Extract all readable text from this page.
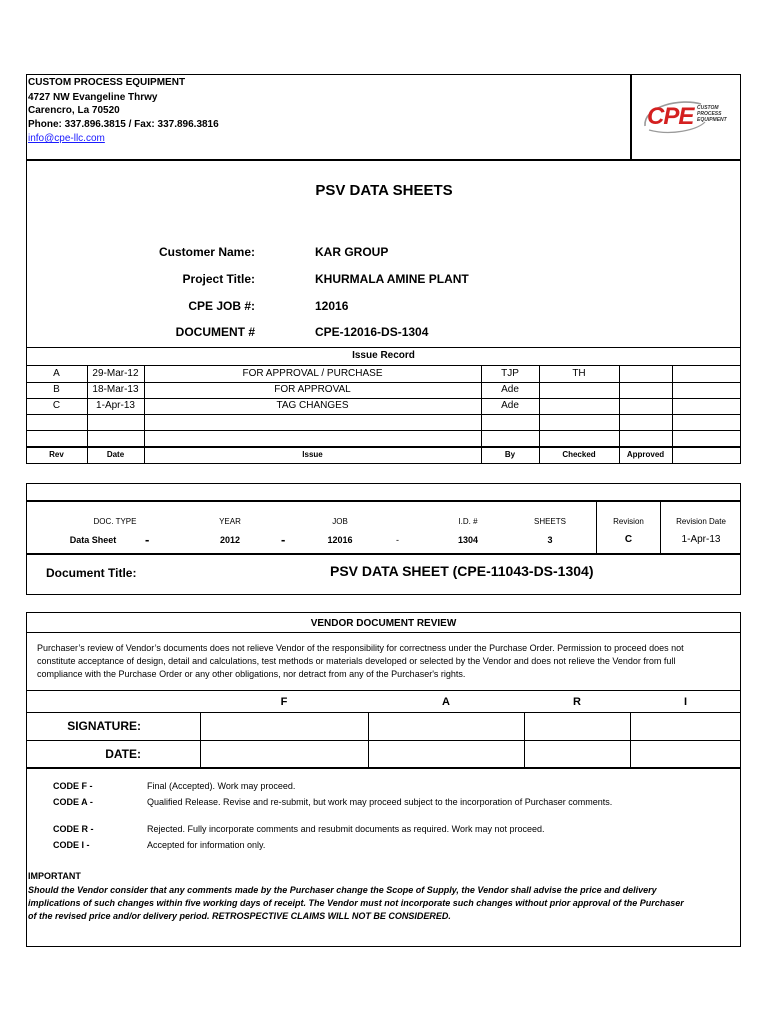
CUSTOM PROCESS EQUIPMENT
4727 NW Evangeline Thrwy
Carencro, La 70520
Phone: 337.896.3815 / Fax: 337.896.3816
info@cpe-llc.com
CPE CUSTOM
PROCESS
EQUIPMENT
PSV DATA SHEETS
Customer Name:	KAR GROUP
Project Title:	KHURMALA AMINE PLANT
CPE JOB #:	12016
DOCUMENT #	CPE-12016-DS-1304
Issue Record
A	29-Mar-12	FOR APPROVAL / PURCHASE	TJP	TH
B	18-Mar-13	FOR APPROVAL	Ade
C	1-Apr-13	TAG CHANGES	Ade
Rev	Date	Issue	By	Checked	Approved
DOC. TYPE	YEAR	JOB	I.D. #	SHEETS	Revision	Revision Date
Data Sheet	-	2012	-	12016	-	1304	3	C	1-Apr-13
Document Title:	PSV DATA SHEET (CPE-11043-DS-1304)
VENDOR DOCUMENT REVIEW
Purchaser’s review of Vendor’s documents does not relieve Vendor of the responsibility for correctness under the Purchase Order. Permission to proceed does not
constitute acceptance of design, detail and calculations, test methods or materials developed or selected by the Vendor and does not relieve the Vendor from full
compliance with the Purchase Order or any other obligations, nor detract from any of the Purchaser's rights.
F	A	R	I
SIGNATURE:
DATE:
CODE F -	Final (Accepted). Work may proceed.
CODE A -	Qualified Release. Revise and re-submit, but work may proceed subject to the incorporation of Purchaser comments.
CODE R -	Rejected. Fully incorporate comments and resubmit documents as required. Work may not proceed.
CODE I -	Accepted for information only.
IMPORTANT
Should the Vendor consider that any comments made by the Purchaser change the Scope of Supply, the Vendor shall advise the price and delivery
implications of such changes within five working days of receipt. The Vendor must not incorporate such changes without prior approval of the Purchaser
of the revised price and/or delivery period. RETROSPECTIVE CLAIMS WILL NOT BE CONSIDERED.
